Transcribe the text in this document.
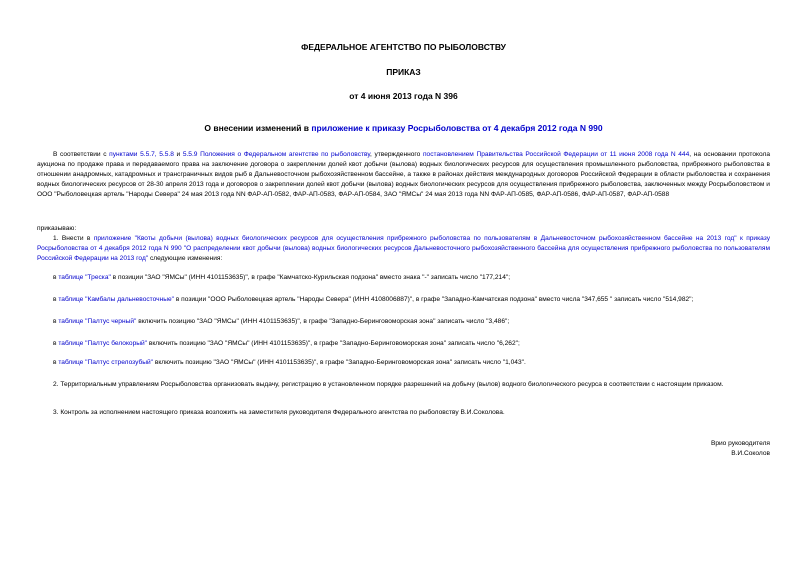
ФЕДЕРАЛЬНОЕ АГЕНТСТВО ПО РЫБОЛОВСТВУ
ПРИКАЗ
от 4 июня 2013 года N 396
О внесении изменений в приложение к приказу Росрыболовства от 4 декабря 2012 года N 990
В соответствии с пунктами 5.5.7, 5.5.8 и 5.5.9 Положения о Федеральном агентстве по рыболовству, утвержденного постановлением Правительства Российской Федерации от 11 июня 2008 года N 444, на основании протокола аукциона по продаже права и передаваемого права на заключение договора о закреплении долей квот добычи (вылова) водных биологических ресурсов для осуществления промышленного рыболовства, прибрежного рыболовства в отношении анадромных, катадромных и трансграничных видов рыб в Дальневосточном рыбохозяйственном бассейне, а также в районах действия международных договоров Российской Федерации в области рыболовства и сохранения водных биологических ресурсов от 28-30 апреля 2013 года и договоров о закреплении долей квот добычи (вылова) водных биологических ресурсов для осуществления прибрежного рыболовства, заключенных между Росрыболовством и ООО "Рыболовецкая артель "Народы Севера" 24 мая 2013 года NN ФАР-АП-0582, ФАР-АП-0583, ФАР-АП-0584, ЗАО "ЯМСы" 24 мая 2013 года NN ФАР-АП-0585, ФАР-АП-0586, ФАР-АП-0587, ФАР-АП-0588
приказываю:
1. Внести в приложение "Квоты добычи (вылова) водных биологических ресурсов для осуществления прибрежного рыболовства по пользователям в Дальневосточном рыбохозяйственном бассейне на 2013 год" к приказу Росрыболовства от 4 декабря 2012 года N 990 "О распределении квот добычи (вылова) водных биологических ресурсов Дальневосточного рыбохозяйственного бассейна для осуществления прибрежного рыболовства по пользователям Российской Федерации на 2013 год" следующие изменения:
в таблице "Треска" в позиции "ЗАО "ЯМСы" (ИНН 4101153635)", в графе "Камчатско-Курильская подзона" вместо знака "-" записать число "177,214";
в таблице "Камбалы дальневосточные" в позиции "ООО Рыболовецкая артель "Народы Севера" (ИНН 4108006887)", в графе "Западно-Камчатская подзона" вместо числа "347,655 " записать число "514,982";
в таблице "Палтус черный" включить позицию "ЗАО "ЯМСы" (ИНН 4101153635)", в графе "Западно-Беринговоморская зона" записать число "3,486";
в таблице "Палтус белокорый" включить позицию "ЗАО "ЯМСы" (ИНН 4101153635)", в графе "Западно-Беринговоморская зона" записать число "6,262";
в таблице "Палтус стрелозубый" включить позицию "ЗАО "ЯМСы" (ИНН 4101153635)", в графе "Западно-Беринговоморская зона" записать число "1,043".
2. Территориальным управлениям Росрыболовства организовать выдачу, регистрацию в установленном порядке разрешений на добычу (вылов) водного биологического ресурса в соответствии с настоящим приказом.
3. Контроль за исполнением настоящего приказа возложить на заместителя руководителя Федерального агентства по рыболовству В.И.Соколова.
Врио руководителя
В.И.Соколов
